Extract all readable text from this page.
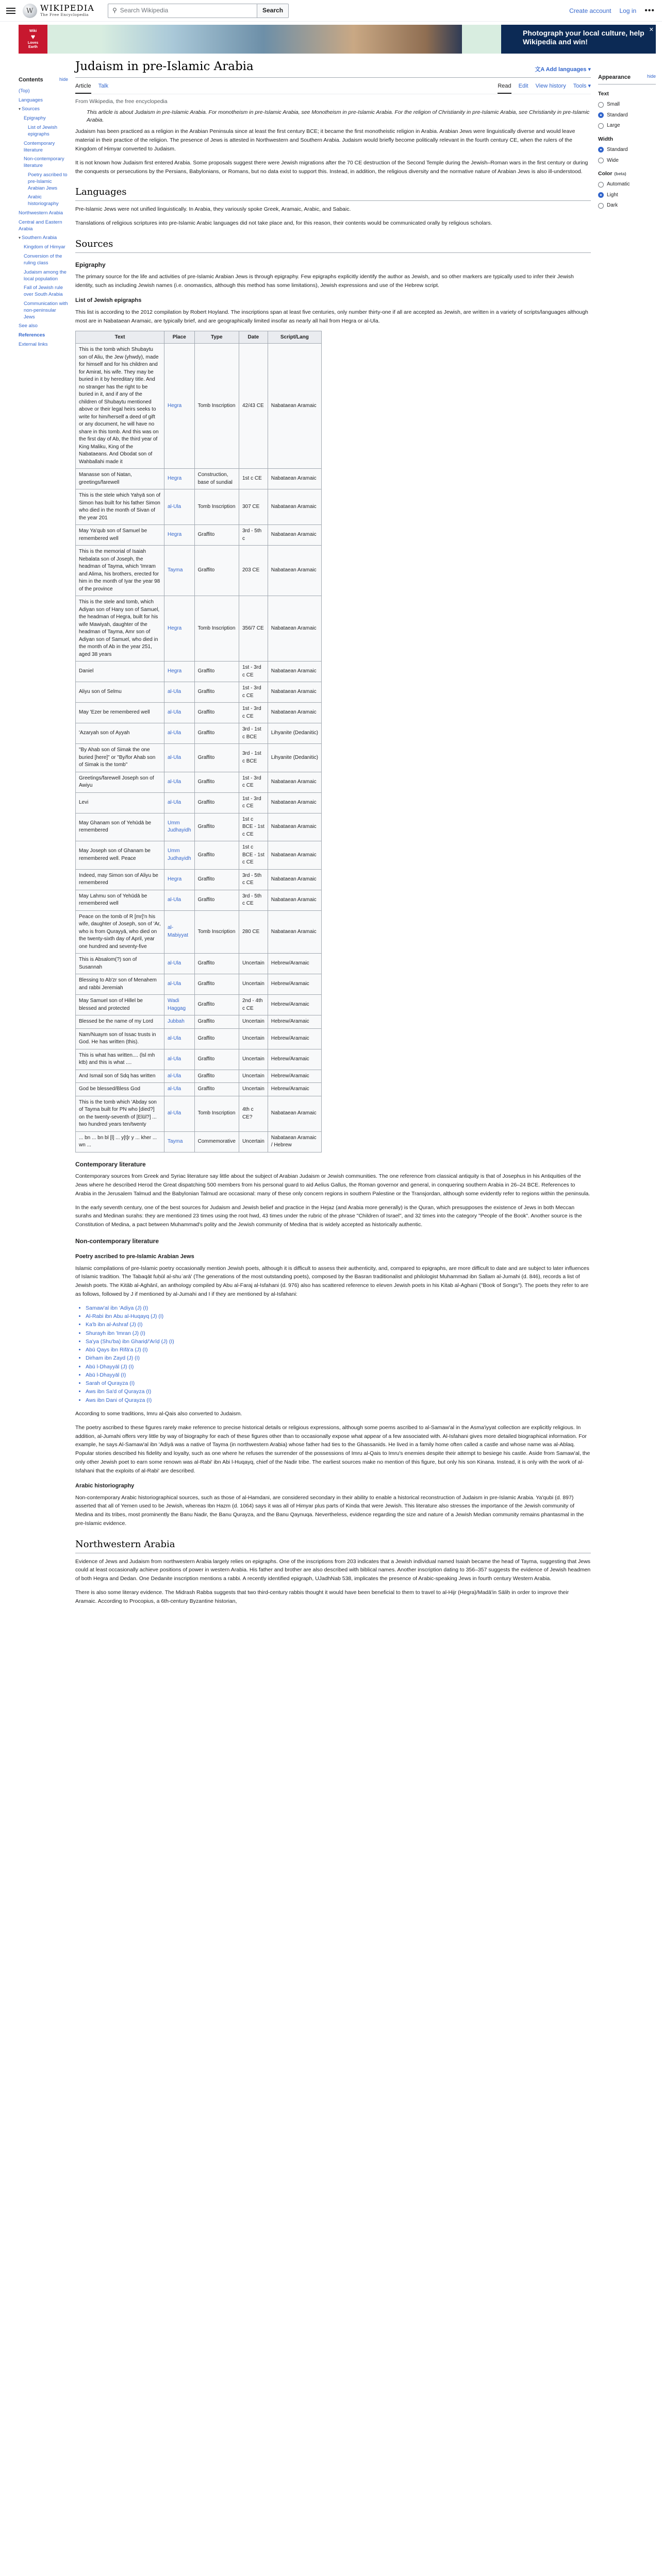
W
WIKIPEDIA
The Free Encyclopedia
⚲ Search Wikipedia	Search	Create account Log in •••
Wiki
♥
Loves
Earth
Photograph your local culture, help Wikipedia and win!
✕
Contents	hide
(Top)
Languages
▾ Sources
Epigraphy
List of Jewish epigraphs
Contemporary literature
Non-contemporary literature
Poetry ascribed to pre-Islamic Arabian Jews
Arabic historiography
Northwestern Arabia
Central and Eastern Arabia
▾ Southern Arabia
Kingdom of Himyar
Conversion of the ruling class
Judaism among the local population
Fall of Jewish rule over South Arabia
Communication with non-peninsular Jews
See also
References
External links
Judaism in pre-Islamic Arabia	文A Add languages ▾
Article Talk	Read Edit View history Tools ▾
From Wikipedia, the free encyclopedia
This article is about Judaism in pre-Islamic Arabia. For monotheism in pre-Islamic Arabia, see Monotheism in pre-Islamic Arabia. For the religion of Christianity in pre-Islamic Arabia, see Christianity in pre-Islamic Arabia.

Judaism has been practiced as a religion in the Arabian Peninsula since at least the first century BCE; it became the first monotheistic religion in Arabia. Arabian Jews were linguistically diverse and would leave material in their practice of the religion. The presence of Jews is attested in Northwestern and Southern Arabia. Judaism would briefly become politically relevant in the fourth century CE, when the rulers of the Kingdom of Himyar converted to Judaism.

It is not known how Judaism first entered Arabia. Some proposals suggest there were Jewish migrations after the 70 CE destruction of the Second Temple during the Jewish–Roman wars in the first century or during the conquests or persecutions by the Persians, Babylonians, or Romans, but no data exist to support this. Instead, in addition, the religious diversity and the normative nature of Arabian Jews is also ill-understood.

Languages

Pre-Islamic Jews were not unified linguistically. In Arabia, they variously spoke Greek, Aramaic, Arabic, and Sabaic.

Translations of religious scriptures into pre-Islamic Arabic languages did not take place and, for this reason, their contents would be communicated orally by religious scholars.

Sources
Epigraphy

The primary source for the life and activities of pre-Islamic Arabian Jews is through epigraphy. Few epigraphs explicitly identify the author as Jewish, and so other markers are typically used to infer their Jewish identity, such as including Jewish names (i.e. onomastics, although this method has some limitations), Jewish expressions and use of the Hebrew script.

List of Jewish epigraphs

This list is according to the 2012 compilation by Robert Hoyland. The inscriptions span at least five centuries, only number thirty-one if all are accepted as Jewish, are written in a variety of scripts/languages although most are in Nabataean Aramaic, are typically brief, and are geographically limited insofar as nearly all hail from Hegra or al-Ula.

Text	Place	Type	Date	Script/Lang
This is the tomb which Shubaytu son of Aliu, the Jew (yhwdy), made for himself and for his children and for Amirat, his wife. They may be buried in it by hereditary title. And no stranger has the right to be buried in it, and if any of the children of Shubaytu mentioned above or their legal heirs seeks to write for him/herself a deed of gift or any document, he will have no share in this tomb. And this was on the first day of Ab, the third year of King Maliku, King of the Nabataeans. And Obodat son of Wahballahi made it	Hegra	Tomb Inscription	42/43 CE	Nabataean Aramaic
Manasse son of Natan, greetings/farewell	Hegra	Construction, base of sundial	1st c CE	Nabataean Aramaic
This is the stele which Yahyā son of Simon has built for his father Simon who died in the month of Sivan of the year 201	al-Ula	Tomb Inscription	307 CE	Nabataean Aramaic
May Ya'qub son of Samuel be remembered well	Hegra	Graffito	3rd - 5th c	Nabataean Aramaic
This is the memorial of Isaiah Nebalata son of Joseph, the headman of Tayma, which 'Imram and Alima, his brothers, erected for him in the month of Iyar the year 98 of the province	Tayma	Graffito	203 CE	Nabataean Aramaic
This is the stele and tomb, which Adiyan son of Hany son of Samuel, the headman of Hegra, built for his wife Mawiyah, daughter of the headman of Tayma, Amr son of Adiyan son of Samuel, who died in the month of Ab in the year 251, aged 38 years	Hegra	Tomb Inscription	356/7 CE	Nabataean Aramaic
Daniel	Hegra	Graffito	1st - 3rd c CE	Nabataean Aramaic
Aliyu son of Selmu	al-Ula	Graffito	1st - 3rd c CE	Nabataean Aramaic
May 'Ezer be remembered well	al-Ula	Graffito	1st - 3rd c CE	Nabataean Aramaic
'Azaryah son of Ayyah	al-Ula	Graffito	3rd - 1st c BCE	Lihyanite (Dedanitic)
"By Ahab son of Simak the one buried [here]" or "By/for Ahab son of Simak is the tomb"	al-Ula	Graffito	3rd - 1st c BCE	Lihyanite (Dedanitic)
Greetings/farewell Joseph son of Awiyu	al-Ula	Graffito	1st - 3rd c CE	Nabataean Aramaic
Levi	al-Ula	Graffito	1st - 3rd c CE	Nabataean Aramaic
May Ghanam son of Yehūdā be remembered	Umm Judhayidh	Graffito	1st c BCE - 1st c CE	Nabataean Aramaic
May Joseph son of Ghanam be remembered well. Peace	Umm Judhayidh	Graffito	1st c BCE - 1st c CE	Nabataean Aramaic
Indeed, may Simon son of Aliyu be remembered	Hegra	Graffito	3rd - 5th c CE	Nabataean Aramaic
May Lahmu son of Yehūdā be remembered well	al-Ula	Graffito	3rd - 5th c CE	Nabataean Aramaic
Peace on the tomb of R [mr]'n his wife, daughter of Joseph, son of 'Ar, who is from Qurayyā, who died on the twenty-sixth day of April, year one hundred and seventy-five	al-Mabiyyat	Tomb Inscription	280 CE	Nabataean Aramaic
This is Absalom(?) son of Susannah	al-Ula	Graffito	Uncertain	Hebrew/Aramaic
Blessing to Ab'zr son of Menahem and rabbi Jeremiah	al-Ula	Graffito	Uncertain	Hebrew/Aramaic
May Samuel son of Hillel be blessed and protected	Wadi Haggag	Graffito	2nd - 4th c CE	Hebrew/Aramaic
Blessed be the name of my Lord	Jubbah	Graffito	Uncertain	Hebrew/Aramaic
Nam/Nuaym son of Issac trusts in God. He has written (this).	al-Ula	Graffito	Uncertain	Hebrew/Aramaic
This is what has written.... (lsl mh ktb) and this is what ....	al-Ula	Graffito	Uncertain	Hebrew/Aramaic
And Ismail son of Sdq has written	al-Ula	Graffito	Uncertain	Hebrew/Aramaic
God be blessed/Bless God	al-Ula	Graffito	Uncertain	Hebrew/Aramaic
This is the tomb which 'Abday son of Tayma built for PN who [died?] on the twenty-seventh of [Elūl?] ... two hundred years ten/twenty	al-Ula	Tomb Inscription	4th c CE?	Nabataean Aramaic
... bn ... bn bl [l] ... y[t]r y ... kher ... wn ...	Tayma	Commemorative	Uncertain	Nabataean Aramaic / Hebrew
Contemporary literature

Contemporary sources from Greek and Syriac literature say little about the subject of Arabian Judaism or Jewish communities. The one reference from classical antiquity is that of Josephus in his Antiquities of the Jews where he described Herod the Great dispatching 500 members from his personal guard to aid Aelius Gallus, the Roman governor and general, in conquering southern Arabia in 26–24 BCE. References to Arabia in the Jerusalem Talmud and the Babylonian Talmud are occasional: many of these only concern regions in southern Palestine or the Transjordan, although some evidently refer to regions within the peninsula.

In the early seventh century, one of the best sources for Judaism and Jewish belief and practice in the Hejaz (and Arabia more generally) is the Quran, which presupposes the existence of Jews in both Meccan surahs and Medinan surahs: they are mentioned 23 times using the root hwd, 43 times under the rubric of the phrase "Children of Israel", and 32 times into the category "People of the Book". Another source is the Constitution of Medina, a pact between Muhammad's polity and the Jewish community of Medina that is widely accepted as historically authentic.

Non-contemporary literature
Poetry ascribed to pre-Islamic Arabian Jews

Islamic compilations of pre-Islamic poetry occasionally mention Jewish poets, although it is difficult to assess their authenticity, and, compared to epigraphs, are more difficult to date and are subject to later influences of Islamic tradition. The Tabaqāt fuḥūl al-shuʿarā' (The generations of the most outstanding poets), composed by the Basran traditionalist and philologist Muhammad ibn Sallam al-Jumahi (d. 846), records a list of Jewish poets. The Kitāb al-Aghānī, an anthology compiled by Abu al-Faraj al-Isfahani (d. 976) also has scattered reference to eleven Jewish poets in his Kitab al-Aghani ("Book of Songs"). The poets they refer to are as follows, followed by J if mentioned by al-Jumahi and I if they are mentioned by al-Isfahani:

• Samaw'al ibn 'Adiya (J) (I)
• Al-Rabi ibn Abu al-Huqayq (J) (I)
• Ka'b ibn al-Ashraf (J) (I)
• Shurayh ibn 'Imran (J) (I)
• Sa'ya (Shu'ba) ibn Ghariḍ/'Arīḍ (J) (I)
• Abū Qays ibn Rifā'a (J) (I)
• Dirham ibn Zayd (J) (I)
• Abū l-Dhayyāl (J) (I)
• Abū l-Dhayyāl (I)
• Sarah of Qurayza (I)
• Aws ibn Sa'd of Qurayza (I)
• Aws ibn Dani of Qurayza (I)

According to some traditions, Imru al-Qais also converted to Judaism.

The poetry ascribed to these figures rarely make reference to precise historical details or religious expressions, although some poems ascribed to al-Samaw'al in the Asma'iyyat collection are explicitly religious. In addition, al-Jumahi offers very little by way of biography for each of these figures other than to occasionally expose what appear of a few associated with. Al-Isfahani gives more detailed biographical information. For example, he says Al-Samaw'al ibn 'Adiyā was a native of Tayma (in northwestern Arabia) whose father had ties to the Ghassanids. He lived in a family home often called a castle and whose name was al-Ablaq. Popular stories described his fidelity and loyalty, such as one where he refuses the surrender of the possessions of Imru al-Qais to Imru's enemies despite their attempt to besiege his castle. Aside from Samaw'al, the only other Jewish poet to earn some renown was al-Rabi' ibn Abi l-Huqayq, chief of the Nadir tribe. The earliest sources make no mention of this figure, but only his son Kinana. Instead, it is only with the work of al-Isfahani that the exploits of al-Rabi' are described.

Arabic historiography

Non-contemporary Arabic historiographical sources, such as those of al-Hamdani, are considered secondary in their ability to enable a historical reconstruction of Judaism in pre-Islamic Arabia. Ya'qubi (d. 897) asserted that all of Yemen used to be Jewish, whereas Ibn Hazm (d. 1064) says it was all of Himyar plus parts of Kinda that were Jewish. This literature also stresses the importance of the Jewish community of Medina and its tribes, most prominently the Banu Nadir, the Banu Qurayza, and the Banu Qaynuqa. Nevertheless, evidence regarding the size and nature of a Jewish Median community remains phantasmal in the pre-Islamic evidence.

Northwestern Arabia

Evidence of Jews and Judaism from northwestern Arabia largely relies on epigraphs. One of the inscriptions from 203 indicates that a Jewish individual named Isaiah became the head of Tayma, suggesting that Jews could at least occasionally achieve positions of power in western Arabia. His father and brother are also described with biblical names. Another inscription dating to 356–357 suggests the evidence of Jewish headmen of both Hegra and Dedan. One Dedanite inscription mentions a rabbi. A recently identified epigraph, UJadhNab 538, implicates the presence of Arabic-speaking Jews in fourth century Western Arabia.

There is also some literary evidence. The Midrash Rabba suggests that two third-century rabbis thought it would have been beneficial to them to travel to al-Hijr (Hegra)/Madā'in Sāliḥ in order to improve their Aramaic. According to Procopius, a 6th-century Byzantine historian,

Appearance	hide
Text
Small
Standard
Large
Width
Standard
Wide
Color (beta)
Automatic
Light
Dark
